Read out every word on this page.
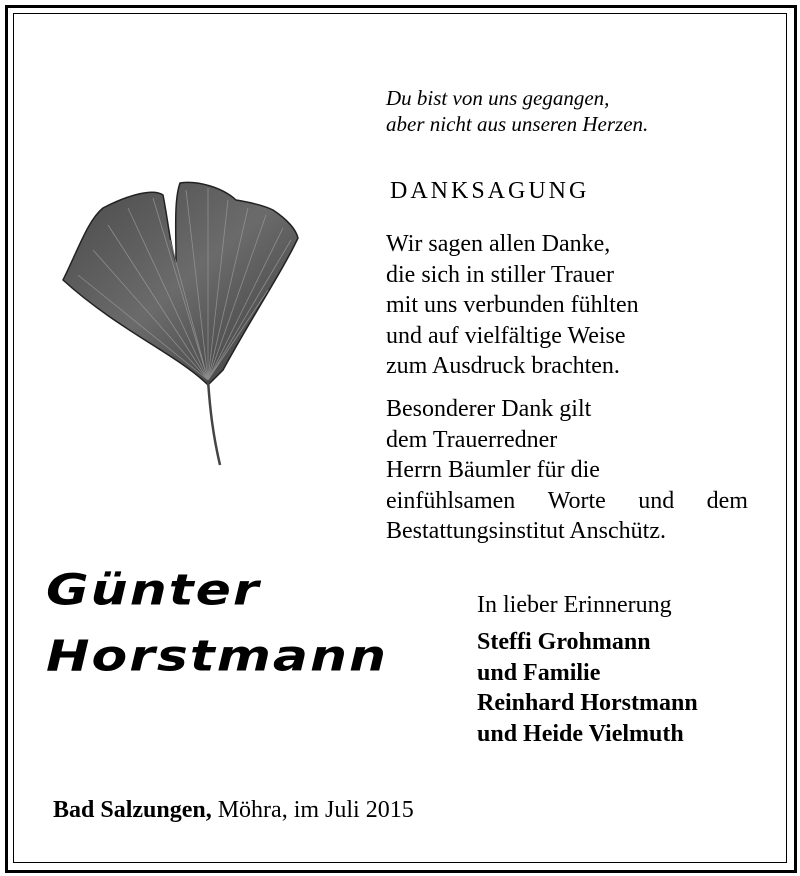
Du bist von uns gegangen,
aber nicht aus unseren Herzen.
DANKSAGUNG
Wir sagen allen Danke,
die sich in stiller Trauer
mit uns verbunden fühlten
und auf vielfältige Weise
zum Ausdruck brachten.
Besonderer Dank gilt
dem Trauerredner
Herrn Bäumler für die
einfühlsamen Worte und dem
Bestattungsinstitut Anschütz.
Günter
Horstmann
In lieber Erinnerung
Steffi Grohmann
und Familie
Reinhard Horstmann
und Heide Vielmuth
Bad Salzungen, Möhra, im Juli 2015
